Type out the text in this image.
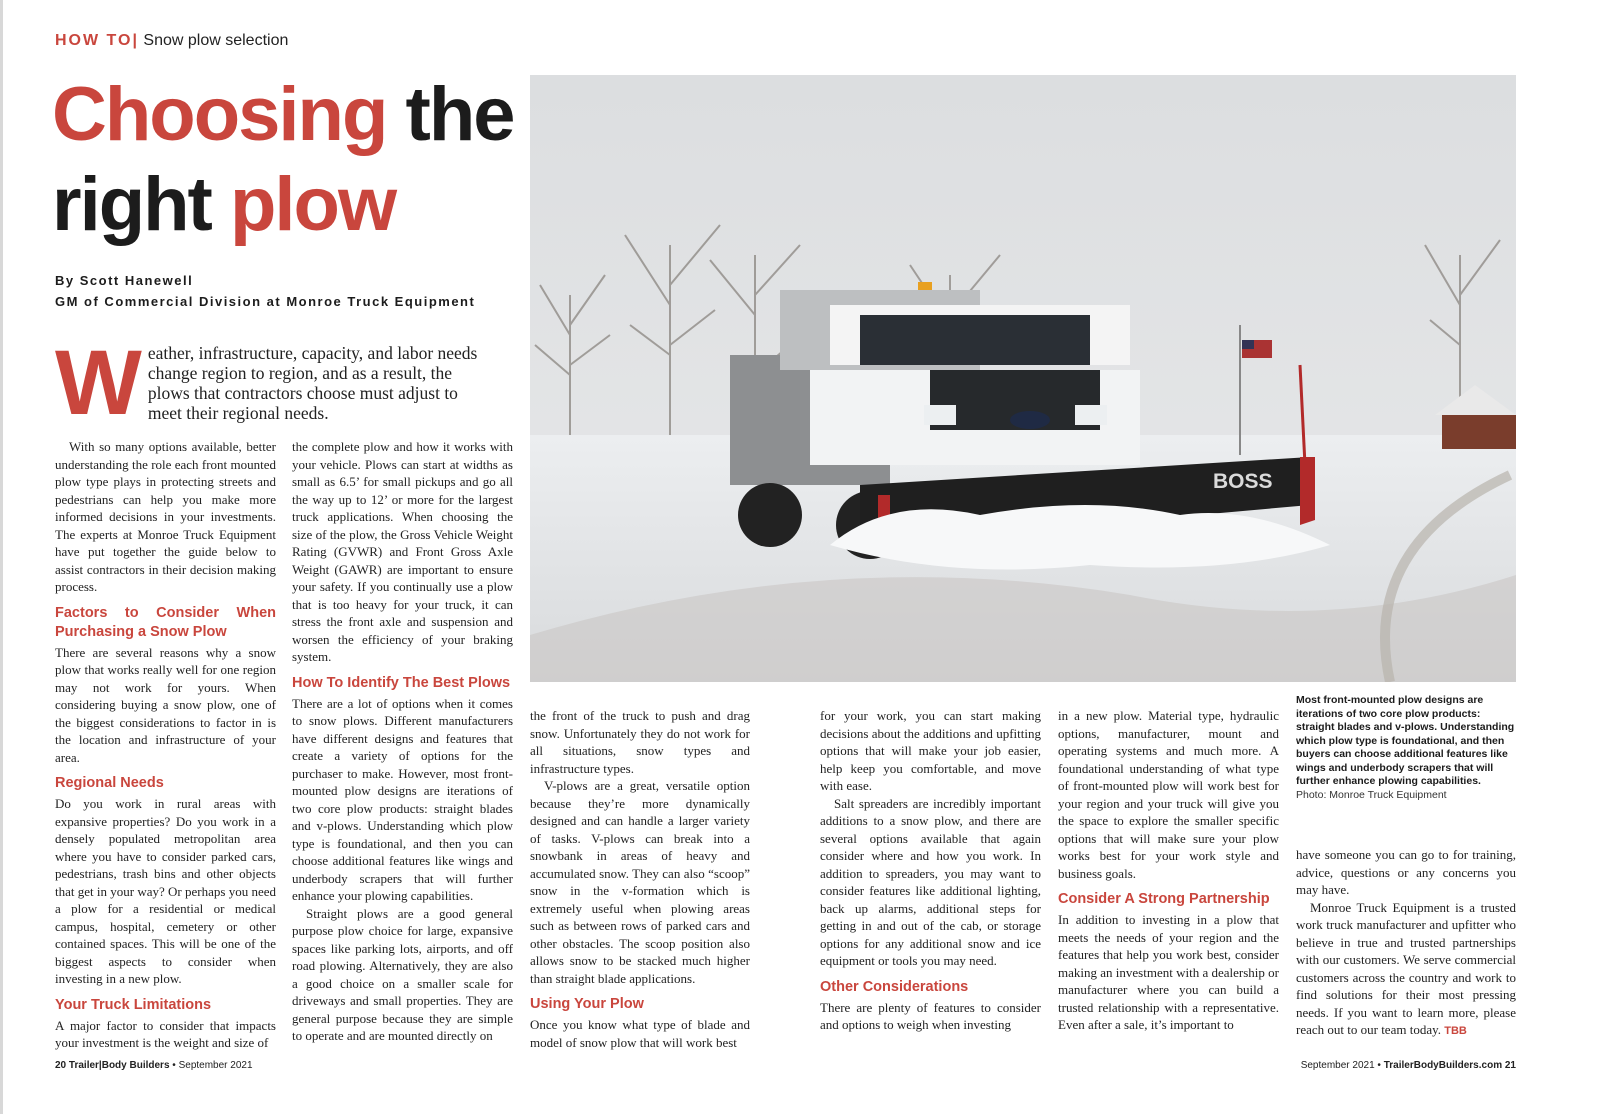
HOW TO| Snow plow selection
Choosing the
right plow
By Scott Hanewell
GM of Commercial Division at Monroe Truck Equipment
W eather, infrastructure, capacity, and labor needs change region to region, and as a result, the plows that contractors choose must adjust to meet their regional needs.

With so many options available, better understanding the role each front mounted plow type plays in protecting streets and pedestrians can help you make more informed decisions in your investments. The experts at Monroe Truck Equipment have put together the guide below to assist contractors in their decision making process.

Factors to Consider When Purchasing a Snow Plow

There are several reasons why a snow plow that works really well for one region may not work for yours. When considering buying a snow plow, one of the biggest considerations to factor in is the location and infrastructure of your area.

Regional Needs

Do you work in rural areas with expansive properties? Do you work in a densely populated metropolitan area where you have to consider parked cars, pedestrians, trash bins and other objects that get in your way? Or perhaps you need a plow for a residential or medical campus, hospital, cemetery or other contained spaces. This will be one of the biggest aspects to consider when investing in a new plow.

Your Truck Limitations

A major factor to consider that impacts your investment is the weight and size of

the complete plow and how it works with your vehicle. Plows can start at widths as small as 6.5’ for small pickups and go all the way up to 12’ or more for the largest truck applications. When choosing the size of the plow, the Gross Vehicle Weight Rating (GVWR) and Front Gross Axle Weight (GAWR) are important to ensure your safety. If you continually use a plow that is too heavy for your truck, it can stress the front axle and suspension and worsen the efficiency of your braking system.

How To Identify The Best Plows

There are a lot of options when it comes to snow plows. Different manufacturers have different designs and features that create a variety of options for the purchaser to make. However, most front-mounted plow designs are iterations of two core plow products: straight blades and v-plows. Understanding which plow type is foundational, and then you can choose additional features like wings and underbody scrapers that will further enhance your plowing capabilities.

Straight plows are a good general purpose plow choice for large, expansive spaces like parking lots, airports, and off road plowing. Alternatively, they are also a good choice on a smaller scale for driveways and small properties. They are general purpose because they are simple to operate and are mounted directly on

BOSS

the front of the truck to push and drag snow. Unfortunately they do not work for all situations, snow types and infrastructure types.

V-plows are a great, versatile option because they’re more dynamically designed and can handle a larger variety of tasks. V-plows can break into a snowbank in areas of heavy and accumulated snow. They can also “scoop” snow in the v-formation which is extremely useful when plowing areas such as between rows of parked cars and other obstacles. The scoop position also allows snow to be stacked much higher than straight blade applications.

Using Your Plow

Once you know what type of blade and model of snow plow that will work best

for your work, you can start making decisions about the additions and upfitting options that will make your job easier, help keep you comfortable, and move with ease.

Salt spreaders are incredibly important additions to a snow plow, and there are several options available that again consider where and how you work. In addition to spreaders, you may want to consider features like additional lighting, back up alarms, additional steps for getting in and out of the cab, or storage options for any additional snow and ice equipment or tools you may need.

Other Considerations

There are plenty of features to consider and options to weigh when investing

in a new plow. Material type, hydraulic options, manufacturer, mount and operating systems and much more. A foundational understanding of what type of front-mounted plow will work best for your region and your truck will give you the space to explore the smaller specific options that will make sure your plow works best for your work style and business goals.

Consider A Strong Partnership

In addition to investing in a plow that meets the needs of your region and the features that help you work best, consider making an investment with a dealership or manufacturer where you can build a trusted relationship with a representative. Even after a sale, it’s important to

Most front-mounted plow designs are iterations of two core plow products: straight blades and v-plows. Understanding which plow type is foundational, and then buyers can choose additional features like wings and underbody scrapers that will further enhance plowing capabilities.
Photo: Monroe Truck Equipment

have someone you can go to for training, advice, questions or any concerns you may have.

Monroe Truck Equipment is a trusted work truck manufacturer and upfitter who believe in true and trusted partnerships with our customers. We serve commercial customers across the country and work to find solutions for their most pressing needs. If you want to learn more, please reach out to our team today. TBB

20 Trailer|Body Builders • September 2021	September 2021 • TrailerBodyBuilders.com 21
